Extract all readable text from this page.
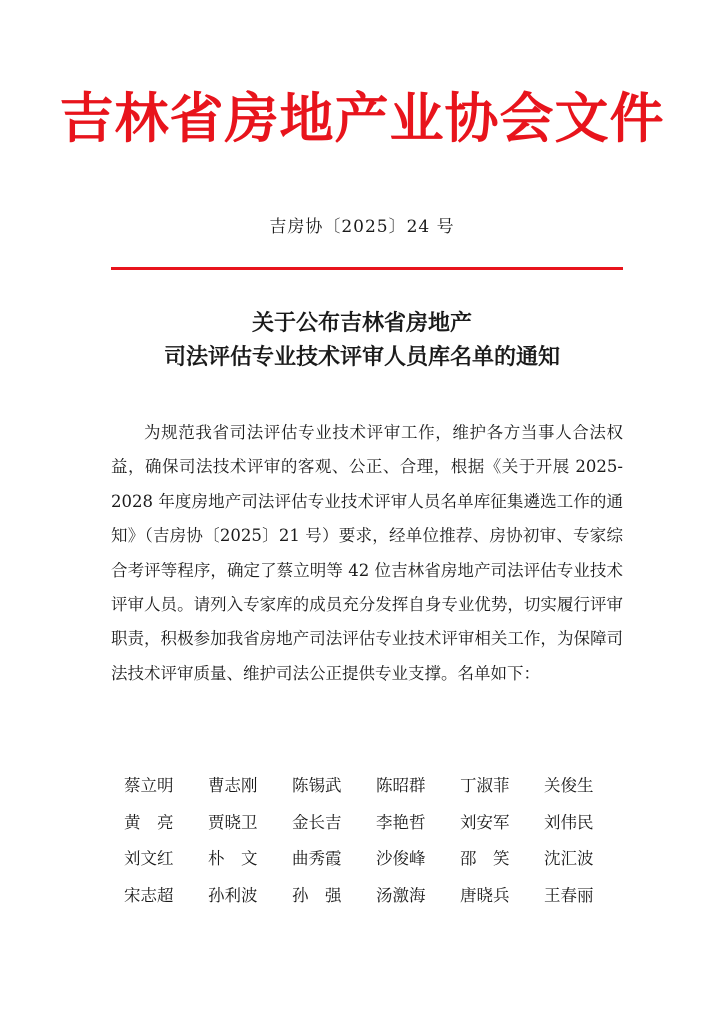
吉林省房地产业协会文件
吉房协〔2025〕24 号
关于公布吉林省房地产
司法评估专业技术评审人员库名单的通知

为规范我省司法评估专业技术评审工作，维护各方当事人合法权益，确保司法技术评审的客观、公正、合理，根据《关于开展 2025-2028 年度房地产司法评估专业技术评审人员名单库征集遴选工作的通知》（吉房协〔2025〕21 号）要求，经单位推荐、房协初审、专家综合考评等程序，确定了蔡立明等 42 位吉林省房地产司法评估专业技术评审人员。请列入专家库的成员充分发挥自身专业优势，切实履行评审职责，积极参加我省房地产司法评估专业技术评审相关工作，为保障司法技术评审质量、维护司法公正提供专业支撑。名单如下：

蔡立明	曹志刚	陈锡武	陈昭群	丁淑菲	关俊生
黄　亮	贾晓卫	金长吉	李艳哲	刘安军	刘伟民
刘文红	朴　文	曲秀霞	沙俊峰	邵　笑	沈汇波
宋志超	孙利波	孙　强	汤激海	唐晓兵	王春丽
